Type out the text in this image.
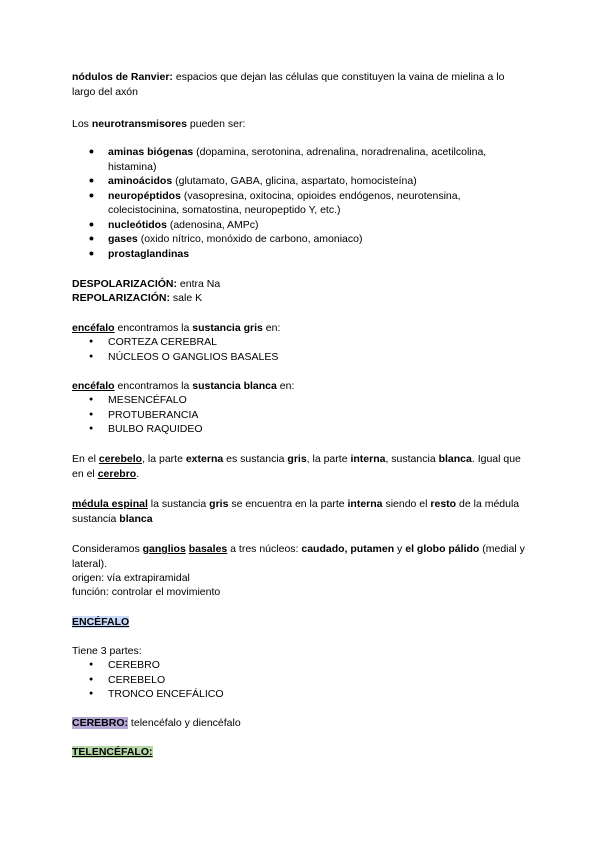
nódulos de Ranvier: espacios que dejan las células que constituyen la vaina de mielina a lo largo del axón
Los neurotransmisores pueden ser:
• aminas biógenas (dopamina, serotonina, adrenalina, noradrenalina, acetilcolina, histamina)
• aminoácidos (glutamato, GABA, glicina, aspartato, homocisteína)
• neuropéptidos (vasopresina, oxitocina, opioides endógenos, neurotensina, colecistocinina, somatostina, neuropeptido Y, etc.)
• nucleótidos (adenosina, AMPc)
• gases (oxido nítrico, monóxido de carbono, amoniaco)
• prostaglandinas
DESPOLARIZACIÓN: entra Na
REPOLARIZACIÓN: sale K
encéfalo encontramos la sustancia gris en:
● CORTEZA CEREBRAL
● NÚCLEOS O GANGLIOS BASALES
encéfalo encontramos la sustancia blanca en:
● MESENCÉFALO
● PROTUBERANCIA
● BULBO RAQUIDEO
En el cerebelo, la parte externa es sustancia gris, la parte interna, sustancia blanca. Igual que en el cerebro.
médula espinal la sustancia gris se encuentra en la parte interna siendo el resto de la médula sustancia blanca
Consideramos ganglios basales a tres núcleos: caudado, putamen y el globo pálido (medial y lateral).
origen: vía extrapiramidal
función: controlar el movimiento
ENCÉFALO
Tiene 3 partes:
● CEREBRO
● CEREBELO
● TRONCO ENCEFÁLICO
CEREBRO: telencéfalo y diencéfalo
TELENCÉFALO:
